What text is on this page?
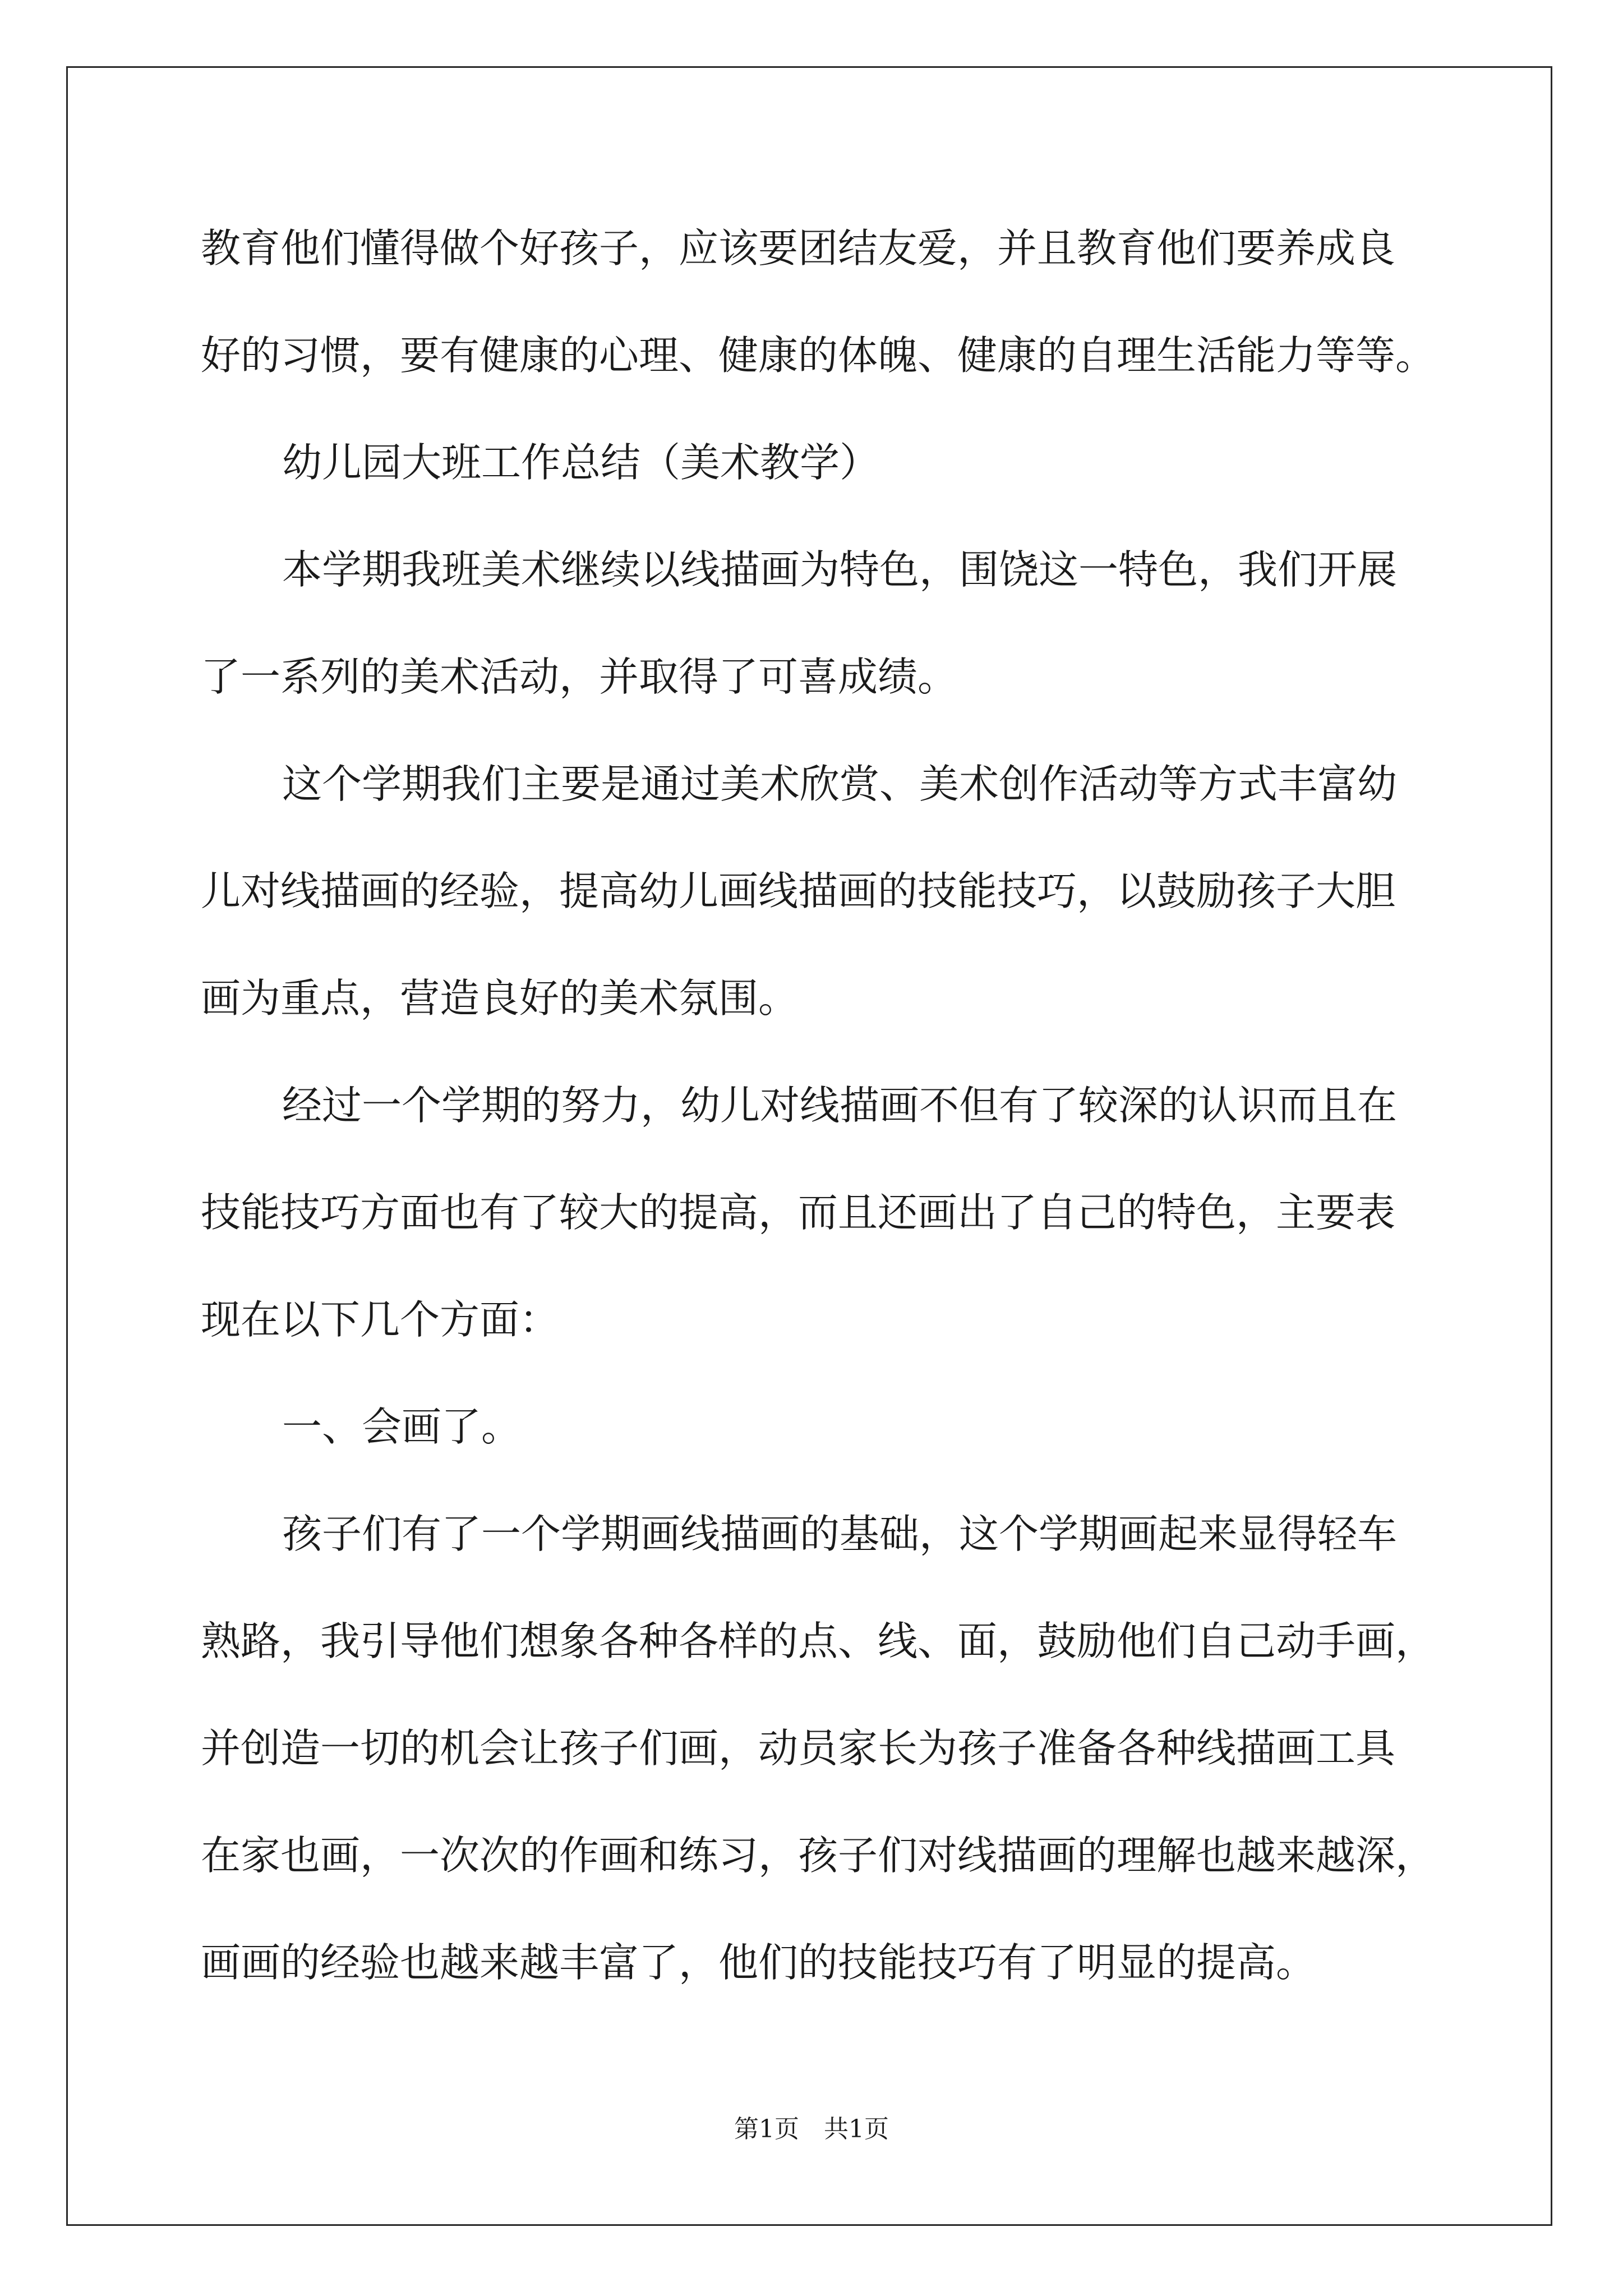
教育他们懂得做个好孩子，应该要团结友爱，并且教育他们要养成良
好的习惯，要有健康的心理、健康的体魄、健康的自理生活能力等等。
幼儿园大班工作总结（美术教学）
本学期我班美术继续以线描画为特色，围饶这一特色，我们开展
了一系列的美术活动，并取得了可喜成绩。
这个学期我们主要是通过美术欣赏、美术创作活动等方式丰富幼
儿对线描画的经验，提高幼儿画线描画的技能技巧，以鼓励孩子大胆
画为重点，营造良好的美术氛围。
经过一个学期的努力，幼儿对线描画不但有了较深的认识而且在
技能技巧方面也有了较大的提高，而且还画出了自己的特色，主要表
现在以下几个方面：
一、会画了。
孩子们有了一个学期画线描画的基础，这个学期画起来显得轻车
熟路，我引导他们想象各种各样的点、线、面，鼓励他们自己动手画，
并创造一切的机会让孩子们画，动员家长为孩子准备各种线描画工具
在家也画，一次次的作画和练习，孩子们对线描画的理解也越来越深，
画画的经验也越来越丰富了，他们的技能技巧有了明显的提高。
第1页　共1页
